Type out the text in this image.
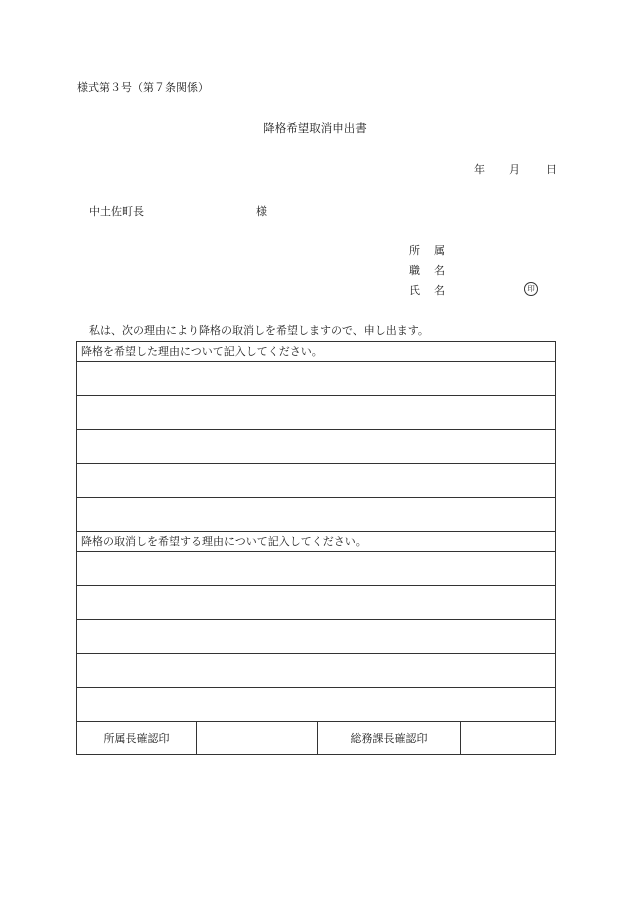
様式第３号（第７条関係）
降格希望取消申出書
年 月 日
中土佐町長	様
所 属
職 名
氏 名	印
私は、次の理由により降格の取消しを希望しますので、申し出ます。
降格を希望した理由について記入してください。

降格の取消しを希望する理由について記入してください。

所属長確認印		総務課長確認印	
